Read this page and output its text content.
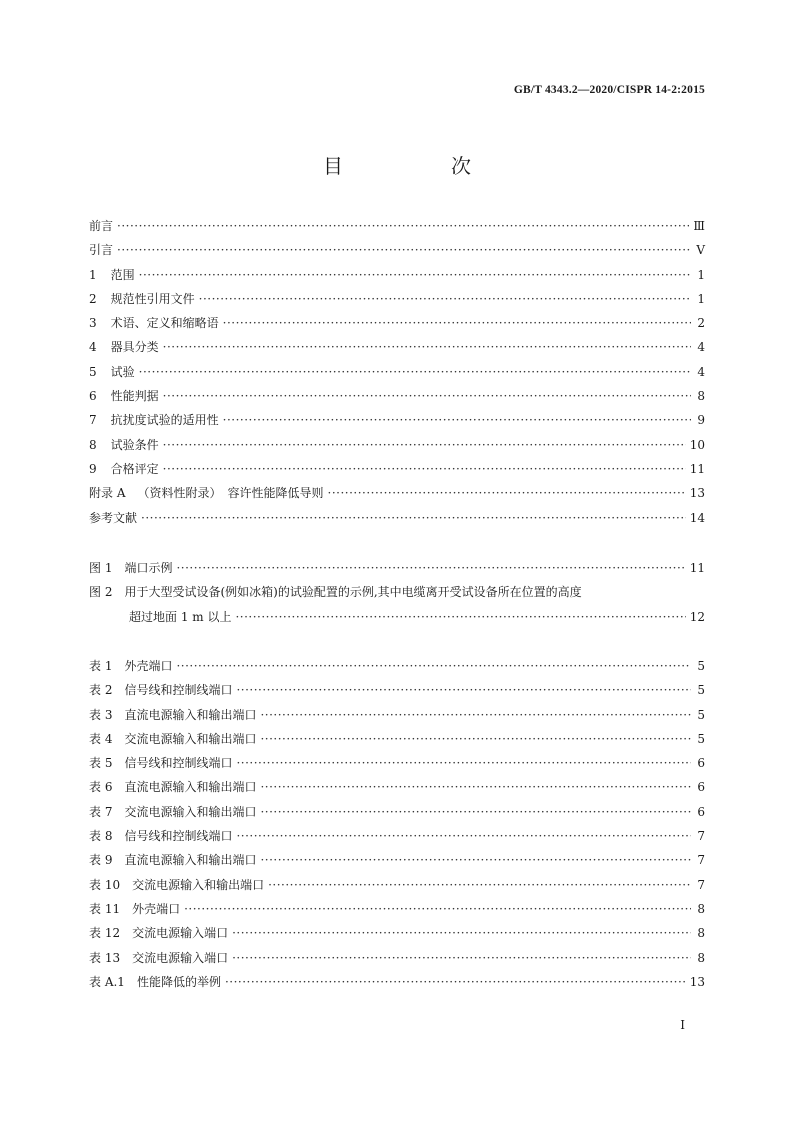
GB/T 4343.2—2020/CISPR 14-2:2015
目　次
前言 ·····	Ⅲ
引言 ·····	Ⅴ
1 范围 ·····	1
2 规范性引用文件 ·····	1
3 术语、定义和缩略语 ·····	2
4 器具分类 ·····	4
5 试验 ·····	4
6 性能判据 ·····	8
7 抗扰度试验的适用性 ·····	9
8 试验条件 ·····	10
9 合格评定 ·····	11
附录 A （资料性附录）　容许性能降低导则 ·····	13
参考文献 ·····	14
图 1 端口示例 ·····	11
图 2 用于大型受试设备(例如冰箱)的试验配置的示例,其中电缆离开受试设备所在位置的高度
超过地面 1 m 以上 ·····	12
表 1 外壳端口 ·····	5
表 2 信号线和控制线端口 ·····	5
表 3 直流电源输入和输出端口 ·····	5
表 4 交流电源输入和输出端口 ·····	5
表 5 信号线和控制线端口 ·····	6
表 6 直流电源输入和输出端口 ·····	6
表 7 交流电源输入和输出端口 ·····	6
表 8 信号线和控制线端口 ·····	7
表 9 直流电源输入和输出端口 ·····	7
表 10 交流电源输入和输出端口 ·····	7
表 11 外壳端口 ·····	8
表 12 交流电源输入端口 ·····	8
表 13 交流电源输入端口 ·····	8
表 A.1 性能降低的举例 ·····	13
Ⅰ
